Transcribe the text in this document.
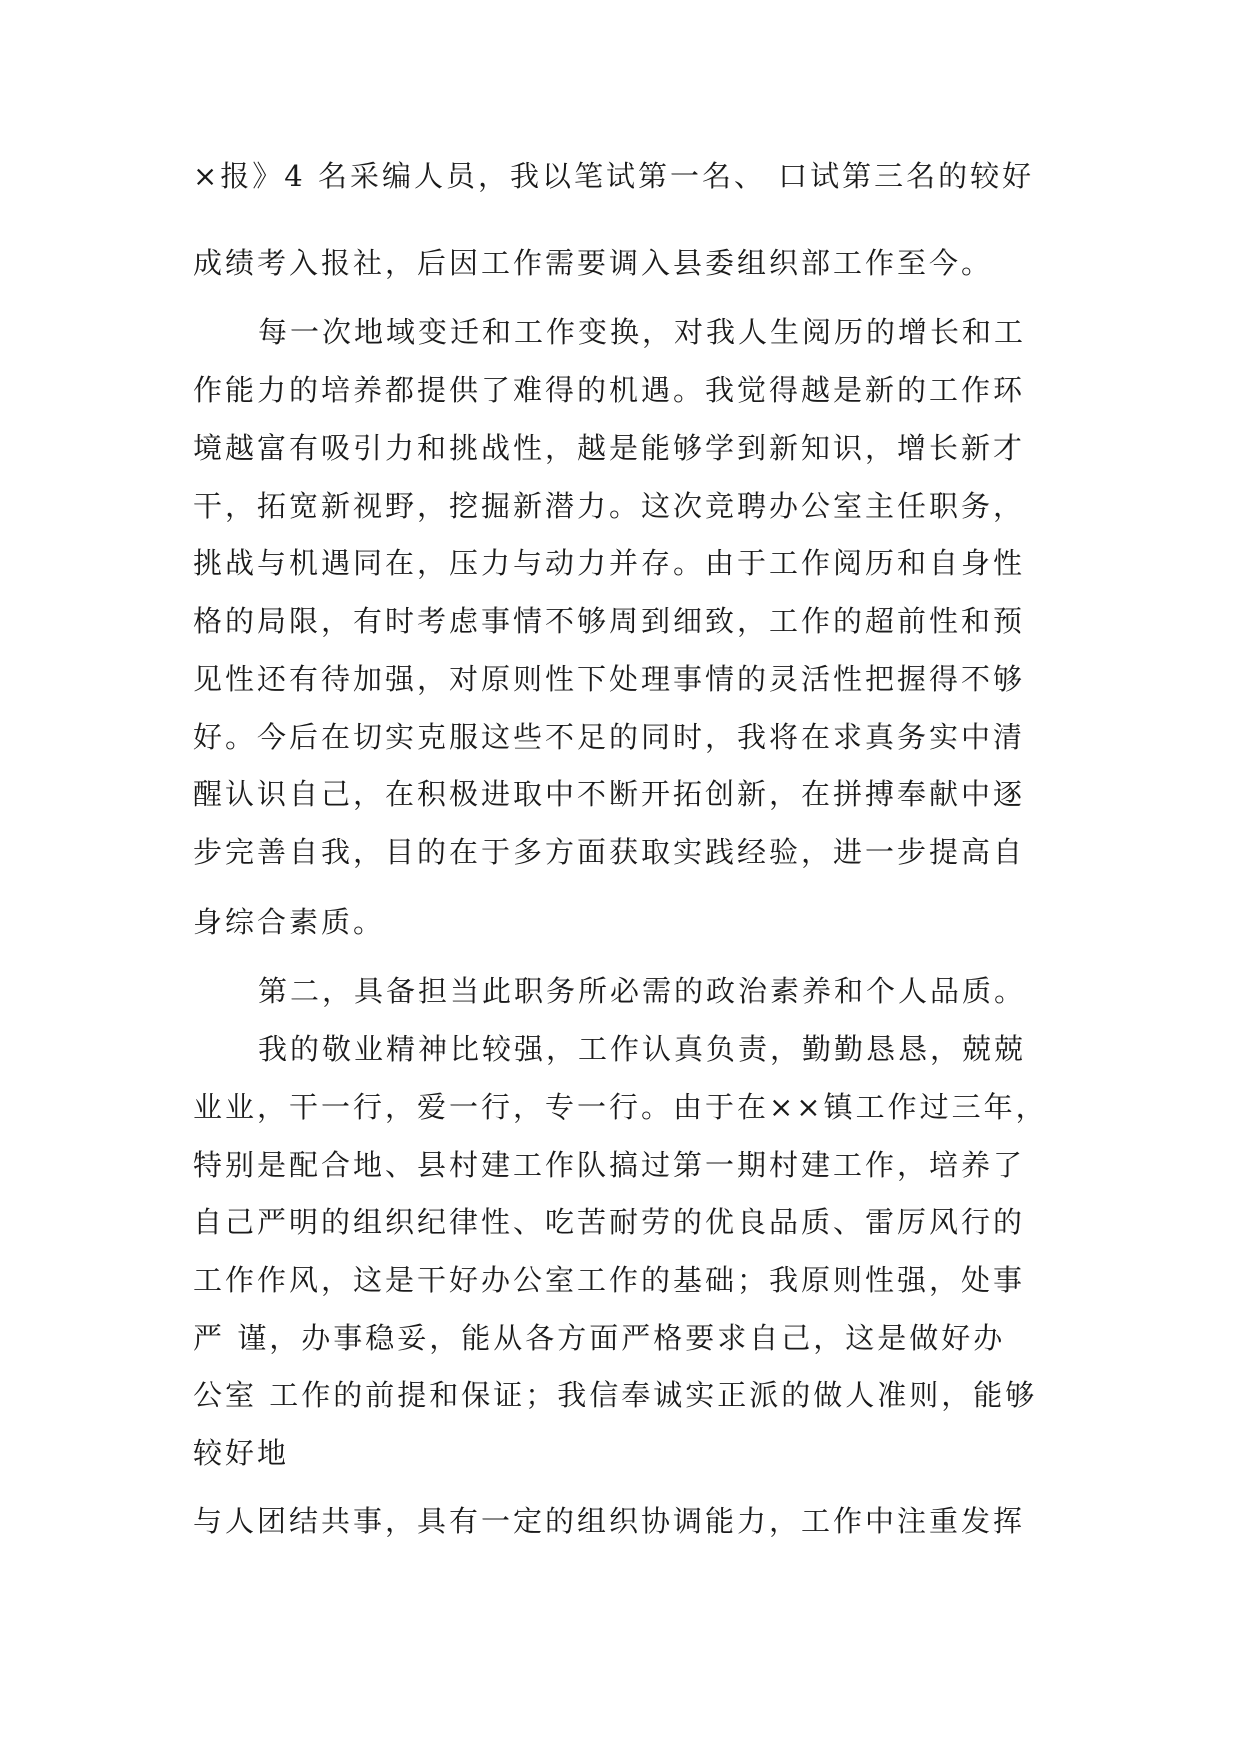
×报》4 名采编人员，我以笔试第一名、 口试第三名的较好
成绩考入报社，后因工作需要调入县委组织部工作至今。
每一次地域变迁和工作变换，对我人生阅历的增长和工
作能力的培养都提供了难得的机遇。我觉得越是新的工作环
境越富有吸引力和挑战性，越是能够学到新知识，增长新才
干，拓宽新视野，挖掘新潜力。这次竞聘办公室主任职务，
挑战与机遇同在，压力与动力并存。由于工作阅历和自身性
格的局限，有时考虑事情不够周到细致，工作的超前性和预
见性还有待加强，对原则性下处理事情的灵活性把握得不够
好。今后在切实克服这些不足的同时，我将在求真务实中清
醒认识自己，在积极进取中不断开拓创新，在拼搏奉献中逐
步完善自我，目的在于多方面获取实践经验，进一步提高自
身综合素质。
第二，具备担当此职务所必需的政治素养和个人品质。
我的敬业精神比较强，工作认真负责，勤勤恳恳，兢兢
业业，干一行，爱一行，专一行。由于在××镇工作过三年，
特别是配合地、县村建工作队搞过第一期村建工作，培养了
自己严明的组织纪律性、吃苦耐劳的优良品质、雷厉风行的
工作作风，这是干好办公室工作的基础；我原则性强，处事
严 谨，办事稳妥，能从各方面严格要求自己，这是做好办
公室 工作的前提和保证；我信奉诚实正派的做人准则，能够
较好地
与人团结共事，具有一定的组织协调能力，工作中注重发挥
